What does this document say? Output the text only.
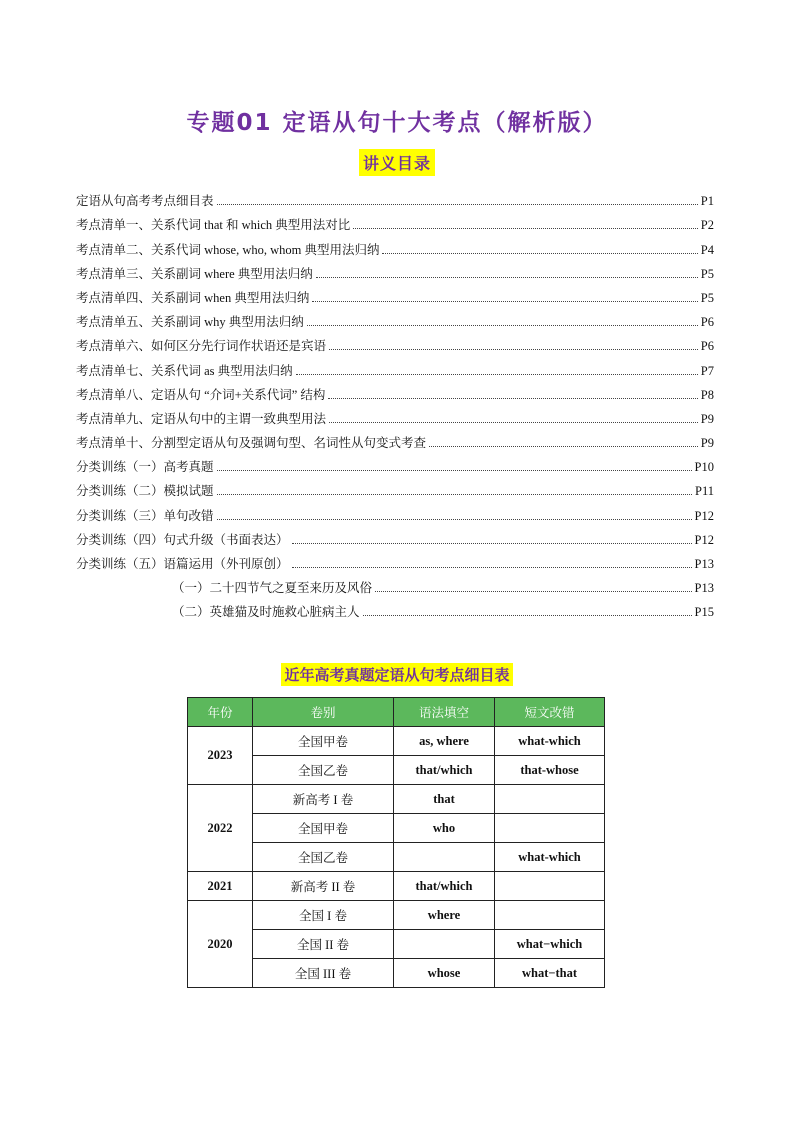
专题01 定语从句十大考点（解析版）
讲义目录
定语从句高考考点细目表	P1
考点清单一、关系代词 that 和 which 典型用法对比	P2
考点清单二、关系代词 whose, who, whom 典型用法归纳	P4
考点清单三、关系副词 where 典型用法归纳	P5
考点清单四、关系副词 when 典型用法归纳	P5
考点清单五、关系副词 why 典型用法归纳	P6
考点清单六、如何区分先行词作状语还是宾语	P6
考点清单七、关系代词 as 典型用法归纳	P7
考点清单八、定语从句 “介词+关系代词” 结构	P8
考点清单九、定语从句中的主谓一致典型用法	P9
考点清单十、分割型定语从句及强调句型、名词性从句变式考查	P9
分类训练（一）高考真题	P10
分类训练（二）模拟试题	P11
分类训练（三）单句改错	P12
分类训练（四）句式升级（书面表达）	P12
分类训练（五）语篇运用（外刊原创）	P13
（一）二十四节气之夏至来历及风俗	P13
（二）英雄猫及时施救心脏病主人	P15
近年高考真题定语从句考点细目表
年份	卷别	语法填空	短文改错
2023	全国甲卷	as, where	what-which
	全国乙卷	that/which	that-whose
2022	新高考 I 卷	that	
	全国甲卷	who	
	全国乙卷		what-which
2021	新高考 II 卷	that/which	
2020	全国 I 卷	where	
	全国 II 卷		what−which
	全国 III 卷	whose	what−that
